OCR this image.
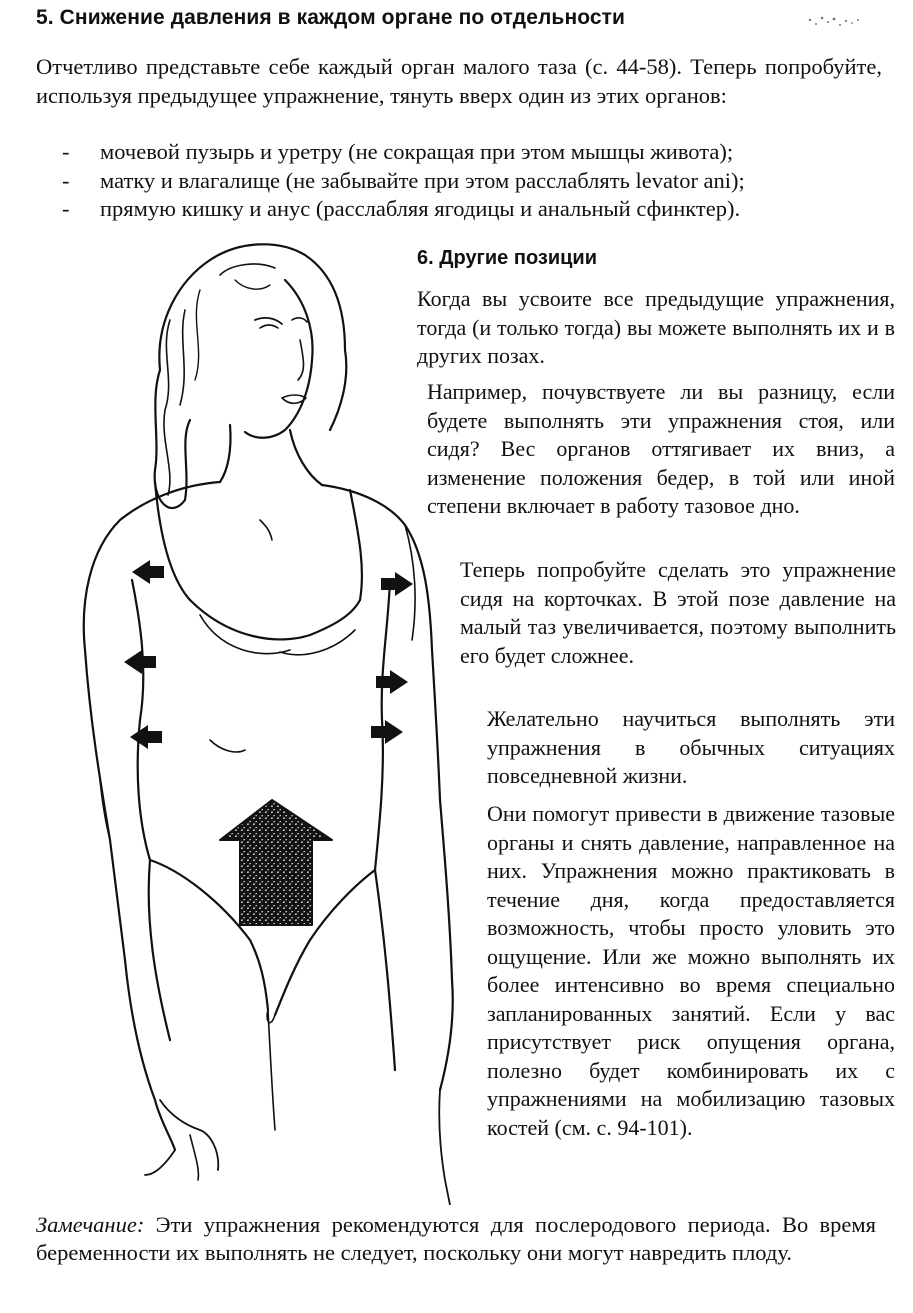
5. Снижение давления в каждом органе по отдельности

Отчетливо представьте себе каждый орган малого таза (с. 44-58). Теперь попробуйте, используя предыдущее упражнение, тянуть вверх один из этих органов:

- мочевой пузырь и уретру (не сокращая при этом мышцы живота);
- матку и влагалище (не забывайте при этом расслаблять levator ani);
- прямую кишку и анус (расслабляя ягодицы и анальный сфинктер).
6. Другие позиции

Когда вы усвоите все предыдущие упражнения, тогда (и только тогда) вы можете выполнять их и в других позах.

Например, почувствуете ли вы разницу, если будете выполнять эти упражнения стоя, или сидя? Вес органов оттягивает их вниз, а изменение положения бедер, в той или иной степени включает в работу тазовое дно.

Теперь попробуйте сделать это упражнение сидя на корточках. В этой позе давление на малый таз увеличивается, поэтому выполнить его будет сложнее.

Желательно научиться выполнять эти упражнения в обычных ситуациях повседневной жизни.

Они помогут привести в движение тазовые органы и снять давление, направленное на них. Упражнения можно практиковать в течение дня, когда предоставляется возможность, чтобы просто уловить это ощущение. Или же можно выполнять их более интенсивно во время специально запланированных занятий. Если у вас присутствует риск опущения органа, полезно будет комбинировать их с упражнениями на мобилизацию тазовых костей (см. с. 94-101).

Замечание: Эти упражнения рекомендуются для послеродового периода. Во время беременности их выполнять не следует, поскольку они могут навредить плоду.
